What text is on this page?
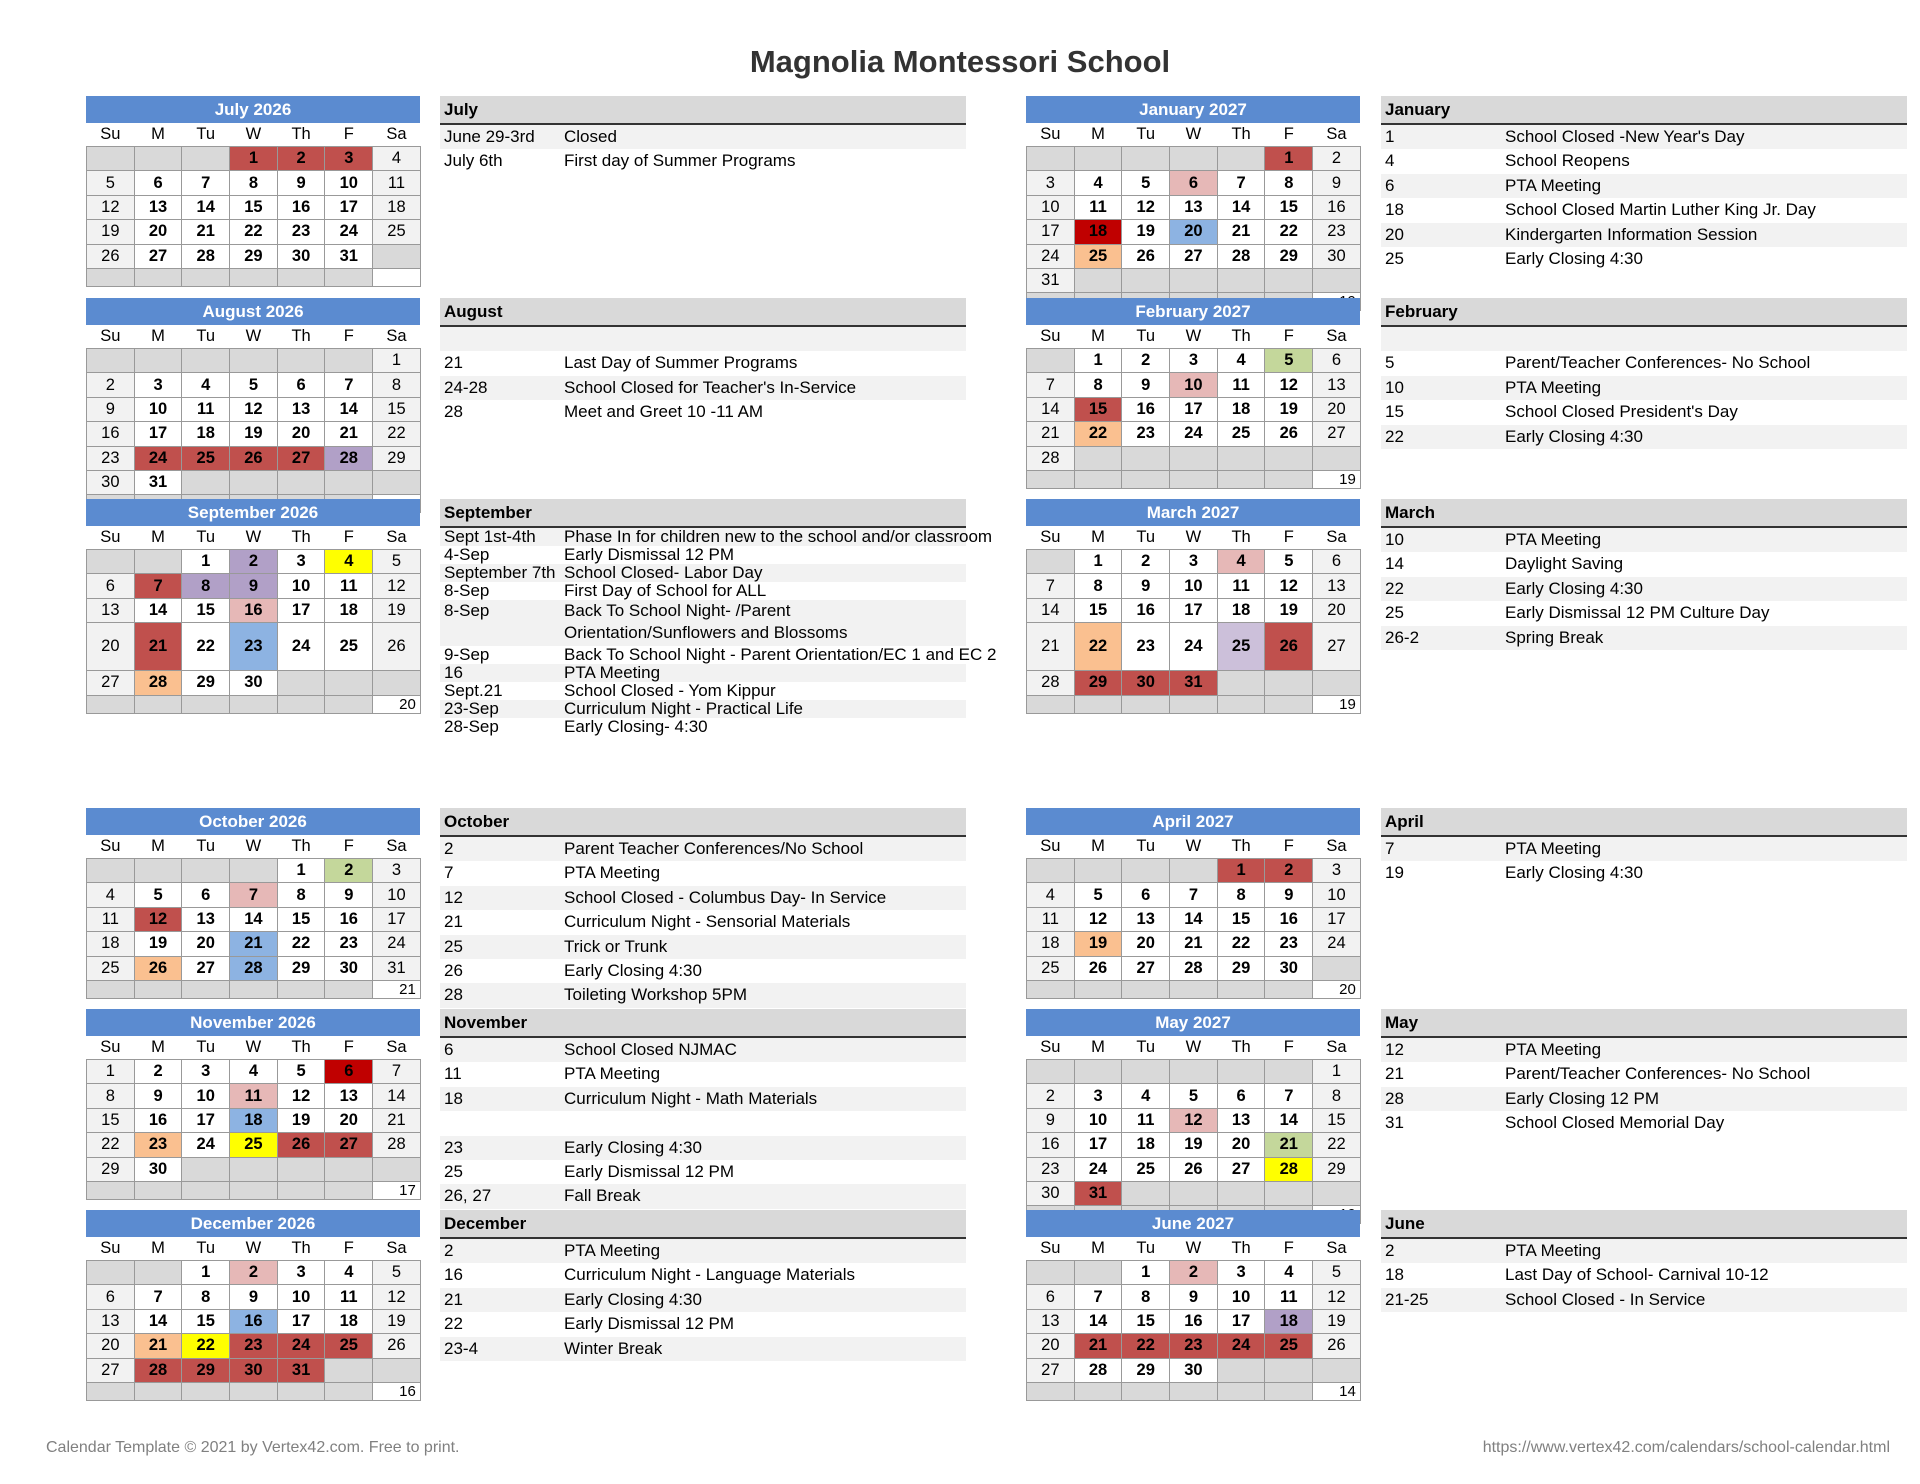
Magnolia Montessori School
July 2026
Su	M	Tu	W	Th	F	Sa
			1	2	3	4
5	6	7	8	9	10	11
12	13	14	15	16	17	18
19	20	21	22	23	24	25
26	27	28	29	30	31	

August 2026
Su	M	Tu	W	Th	F	Sa
						1
2	3	4	5	6	7	8
9	10	11	12	13	14	15
16	17	18	19	20	21	22
23	24	25	26	27	28	29
30	31					

September 2026
Su	M	Tu	W	Th	F	Sa
		1	2	3	4	5
6	7	8	9	10	11	12
13	14	15	16	17	18	19
20	21	22	23	24	25	26
27	28	29	30			
						20
October 2026
Su	M	Tu	W	Th	F	Sa
				1	2	3
4	5	6	7	8	9	10
11	12	13	14	15	16	17
18	19	20	21	22	23	24
25	26	27	28	29	30	31
						21
November 2026
Su	M	Tu	W	Th	F	Sa
1	2	3	4	5	6	7
8	9	10	11	12	13	14
15	16	17	18	19	20	21
22	23	24	25	26	27	28
29	30					
						17
December 2026
Su	M	Tu	W	Th	F	Sa
		1	2	3	4	5
6	7	8	9	10	11	12
13	14	15	16	17	18	19
20	21	22	23	24	25	26
27	28	29	30	31		
						16
January 2027
Su	M	Tu	W	Th	F	Sa
					1	2
3	4	5	6	7	8	9
10	11	12	13	14	15	16
17	18	19	20	21	22	23
24	25	26	27	28	29	30
31						

February 2027
Su	M	Tu	W	Th	F	Sa
	1	2	3	4	5	6
7	8	9	10	11	12	13
14	15	16	17	18	19	20
21	22	23	24	25	26	27
28						
						19
March 2027
Su	M	Tu	W	Th	F	Sa
	1	2	3	4	5	6
7	8	9	10	11	12	13
14	15	16	17	18	19	20
21	22	23	24	25	26	27
28	29	30	31			
						19
April 2027
Su	M	Tu	W	Th	F	Sa
				1	2	3
4	5	6	7	8	9	10
11	12	13	14	15	16	17
18	19	20	21	22	23	24
25	26	27	28	29	30	
						20
May 2027
Su	M	Tu	W	Th	F	Sa
						1
2	3	4	5	6	7	8
9	10	11	12	13	14	15
16	17	18	19	20	21	22
23	24	25	26	27	28	29
30	31					

June 2027
Su	M	Tu	W	Th	F	Sa
		1	2	3	4	5
6	7	8	9	10	11	12
13	14	15	16	17	18	19
20	21	22	23	24	25	26
27	28	29	30			
						14
July
June 29-3rd	Closed
July 6th	First day of Summer Programs
August
21	Last Day of Summer Programs
24-28	School Closed for Teacher's In-Service
28	Meet and Greet 10 -11 AM
September
Sept 1st-4th	Phase In for children new to the school and/or classroom
4-Sep	Early Dismissal 12 PM
September 7th School Closed- Labor Day
8-Sep	First Day of School for ALL
8-Sep	Back To School Night- /Parent Orientation/Sunflowers and Blossoms
9-Sep	Back To School Night - Parent Orientation/EC 1 and EC 2
16	PTA Meeting
Sept.21	School Closed - Yom Kippur
23-Sep	Curriculum Night - Practical Life
28-Sep	Early Closing- 4:30
October
2	Parent Teacher Conferences/No School
7	PTA Meeting
12	School Closed - Columbus Day- In Service
21	Curriculum Night - Sensorial Materials
25	Trick or Trunk
26	Early Closing 4:30
28	Toileting Workshop 5PM
November
6	School Closed NJMAC
11	PTA Meeting
18	Curriculum Night - Math Materials
23	Early Closing 4:30
25	Early Dismissal 12 PM
26, 27	Fall Break
December
2	PTA Meeting
16	Curriculum Night - Language Materials
21	Early Closing 4:30
22	Early Dismissal 12 PM
23-4	Winter Break
January
1	School Closed -New Year's Day
4	School Reopens
6	PTA Meeting
18	School Closed Martin Luther King Jr. Day
20	Kindergarten Information Session
25	Early Closing 4:30
February
5	Parent/Teacher Conferences- No School
10	PTA Meeting
15	School Closed President's Day
22	Early Closing 4:30
March
10	PTA Meeting
14	Daylight Saving
22	Early Closing 4:30
25	Early Dismissal 12 PM Culture Day
26-2	Spring Break
April
7	PTA Meeting
19	Early Closing 4:30
May
12	PTA Meeting
21	Parent/Teacher Conferences- No School
28	Early Closing 12 PM
31	School Closed Memorial Day
June
2	PTA Meeting
18	Last Day of School- Carnival 10-12
21-25	School Closed - In Service
Calendar Template © 2021 by Vertex42.com. Free to print.	https://www.vertex42.com/calendars/school-calendar.html
